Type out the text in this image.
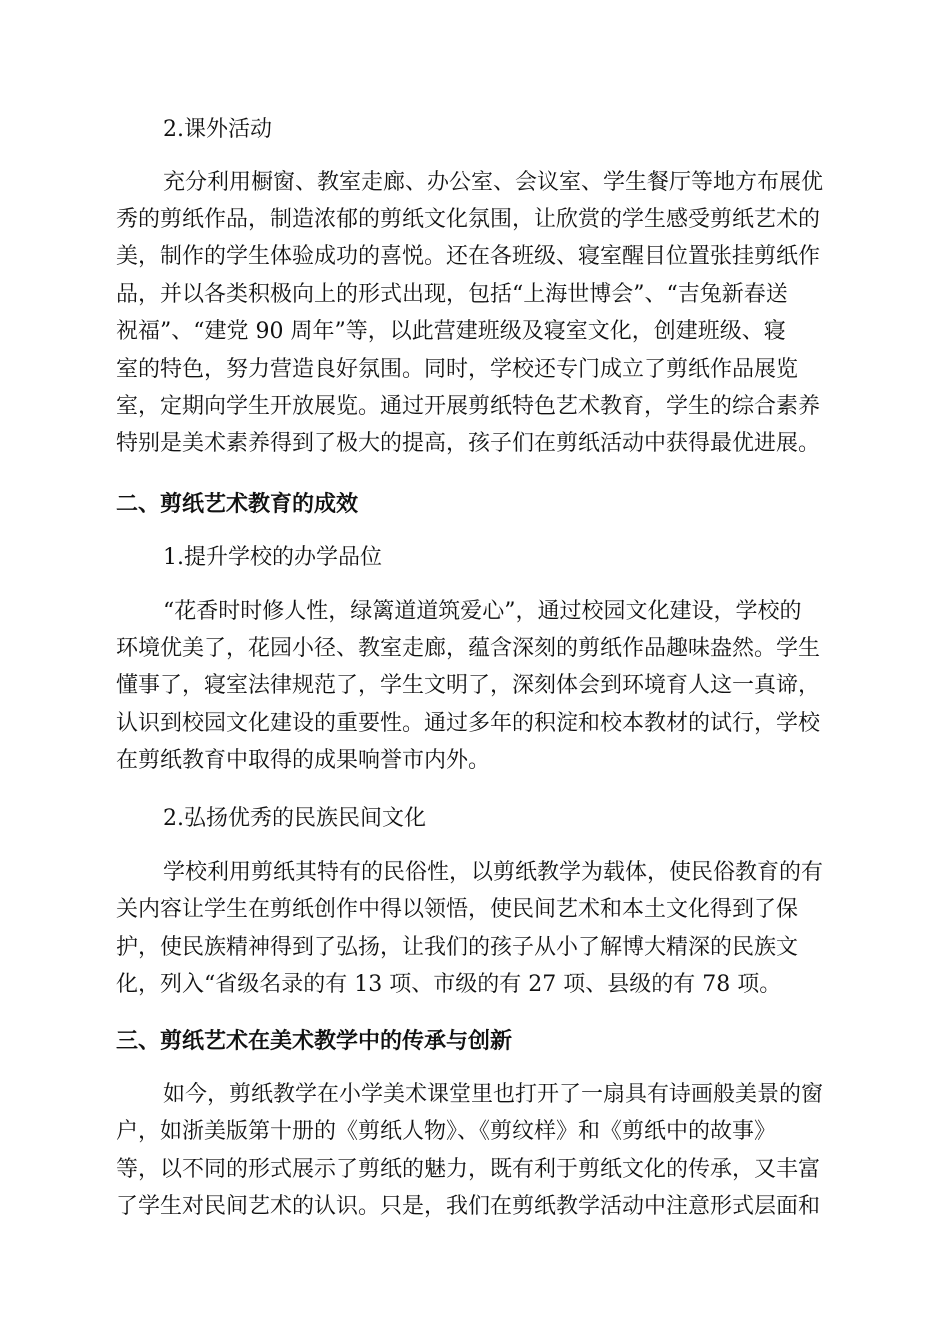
2.课外活动
充分利用橱窗、教室走廊、办公室、会议室、学生餐厅等地方布展优
秀的剪纸作品，制造浓郁的剪纸文化氛围，让欣赏的学生感受剪纸艺术的
美，制作的学生体验成功的喜悦。还在各班级、寝室醒目位置张挂剪纸作
品，并以各类积极向上的形式出现，包括“上海世博会”、“吉兔新春送
祝福”、“建党 90 周年”等，以此营建班级及寝室文化，创建班级、寝
室的特色，努力营造良好氛围。同时，学校还专门成立了剪纸作品展览
室，定期向学生开放展览。通过开展剪纸特色艺术教育，学生的综合素养
特别是美术素养得到了极大的提高，孩子们在剪纸活动中获得最优进展。
二、剪纸艺术教育的成效
1.提升学校的办学品位
“花香时时修人性，绿篱道道筑爱心”，通过校园文化建设，学校的
环境优美了，花园小径、教室走廊，蕴含深刻的剪纸作品趣味盎然。学生
懂事了，寝室法律规范了，学生文明了，深刻体会到环境育人这一真谛，
认识到校园文化建设的重要性。通过多年的积淀和校本教材的试行，学校
在剪纸教育中取得的成果响誉市内外。
2.弘扬优秀的民族民间文化
学校利用剪纸其特有的民俗性，以剪纸教学为载体，使民俗教育的有
关内容让学生在剪纸创作中得以领悟，使民间艺术和本土文化得到了保
护，使民族精神得到了弘扬，让我们的孩子从小了解博大精深的民族文
化，列入“省级名录的有 13 项、市级的有 27 项、县级的有 78 项。
三、剪纸艺术在美术教学中的传承与创新
如今，剪纸教学在小学美术课堂里也打开了一扇具有诗画般美景的窗
户，如浙美版第十册的《剪纸人物》、《剪纹样》和《剪纸中的故事》
等，以不同的形式展示了剪纸的魅力，既有利于剪纸文化的传承，又丰富
了学生对民间艺术的认识。只是，我们在剪纸教学活动中注意形式层面和
